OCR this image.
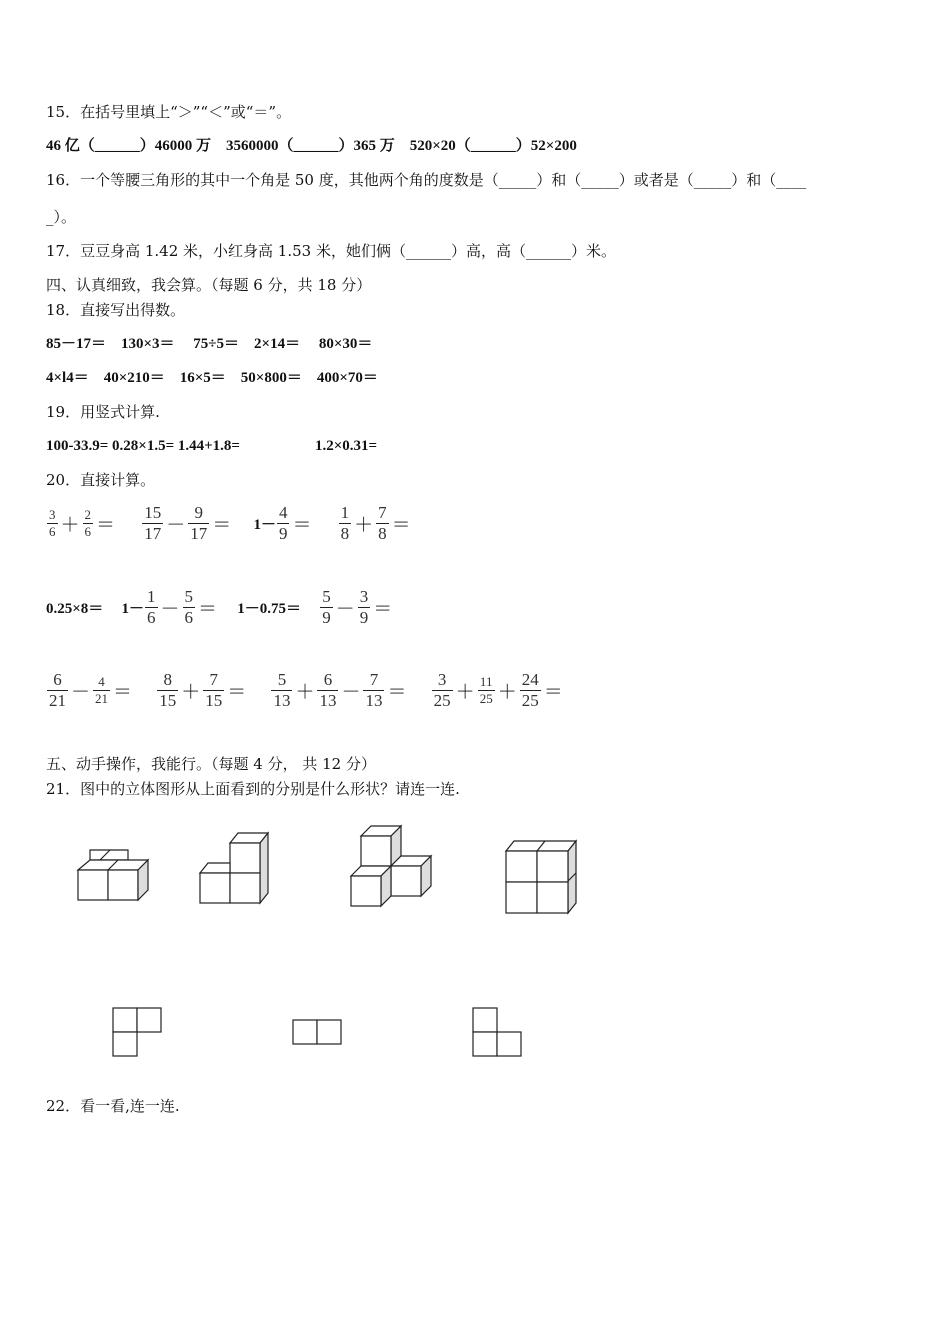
15．在括号里填上“＞”“＜”或“＝”。
46 亿（______）46000 万　3560000（______）365 万　520×20（______）52×200
16．一个等腰三角形的其中一个角是 50 度，其他两个角的度数是（_____）和（_____）或者是（_____）和（____
_）。
17．豆豆身高 1.42 米，小红身高 1.53 米，她们俩（______）高，高（______）米。
四、认真细致，我会算。（每题 6 分，共 18 分）
18．直接写出得数。
85－17＝　130×3＝　 75÷5＝　2×14＝　 80×30＝
4×l4＝　40×210＝　16×5＝　50×800＝　400×70＝
19．用竖式计算.
100-33.9= 0.28×1.5= 1.44+1.8=　　　　　1.2×0.31=
20．直接计算。
$\frac{3}{6} + \frac{2}{6} = \frac{15}{17} - \frac{9}{17} = 1- \frac{4}{9} = \frac{1}{8} + \frac{7}{8}$ ＝
$0.25\times 8= 1- \frac{1}{6} - \frac{5}{6} = 1-0.75= \frac{5}{9} - \frac{3}{9}$ ＝
$\frac{6}{21} - \frac{4}{21} = \frac{8}{15} + \frac{7}{15} = \frac{5}{13} + \frac{6}{13} - \frac{7}{13} = \frac{3}{25} + \frac{11}{25} + \frac{24}{25}$ ＝
五、动手操作，我能行。（每题 4 分， 共 12 分）
21．图中的立体图形从上面看到的分别是什么形状？请连一连.
22．看一看,连一连.
